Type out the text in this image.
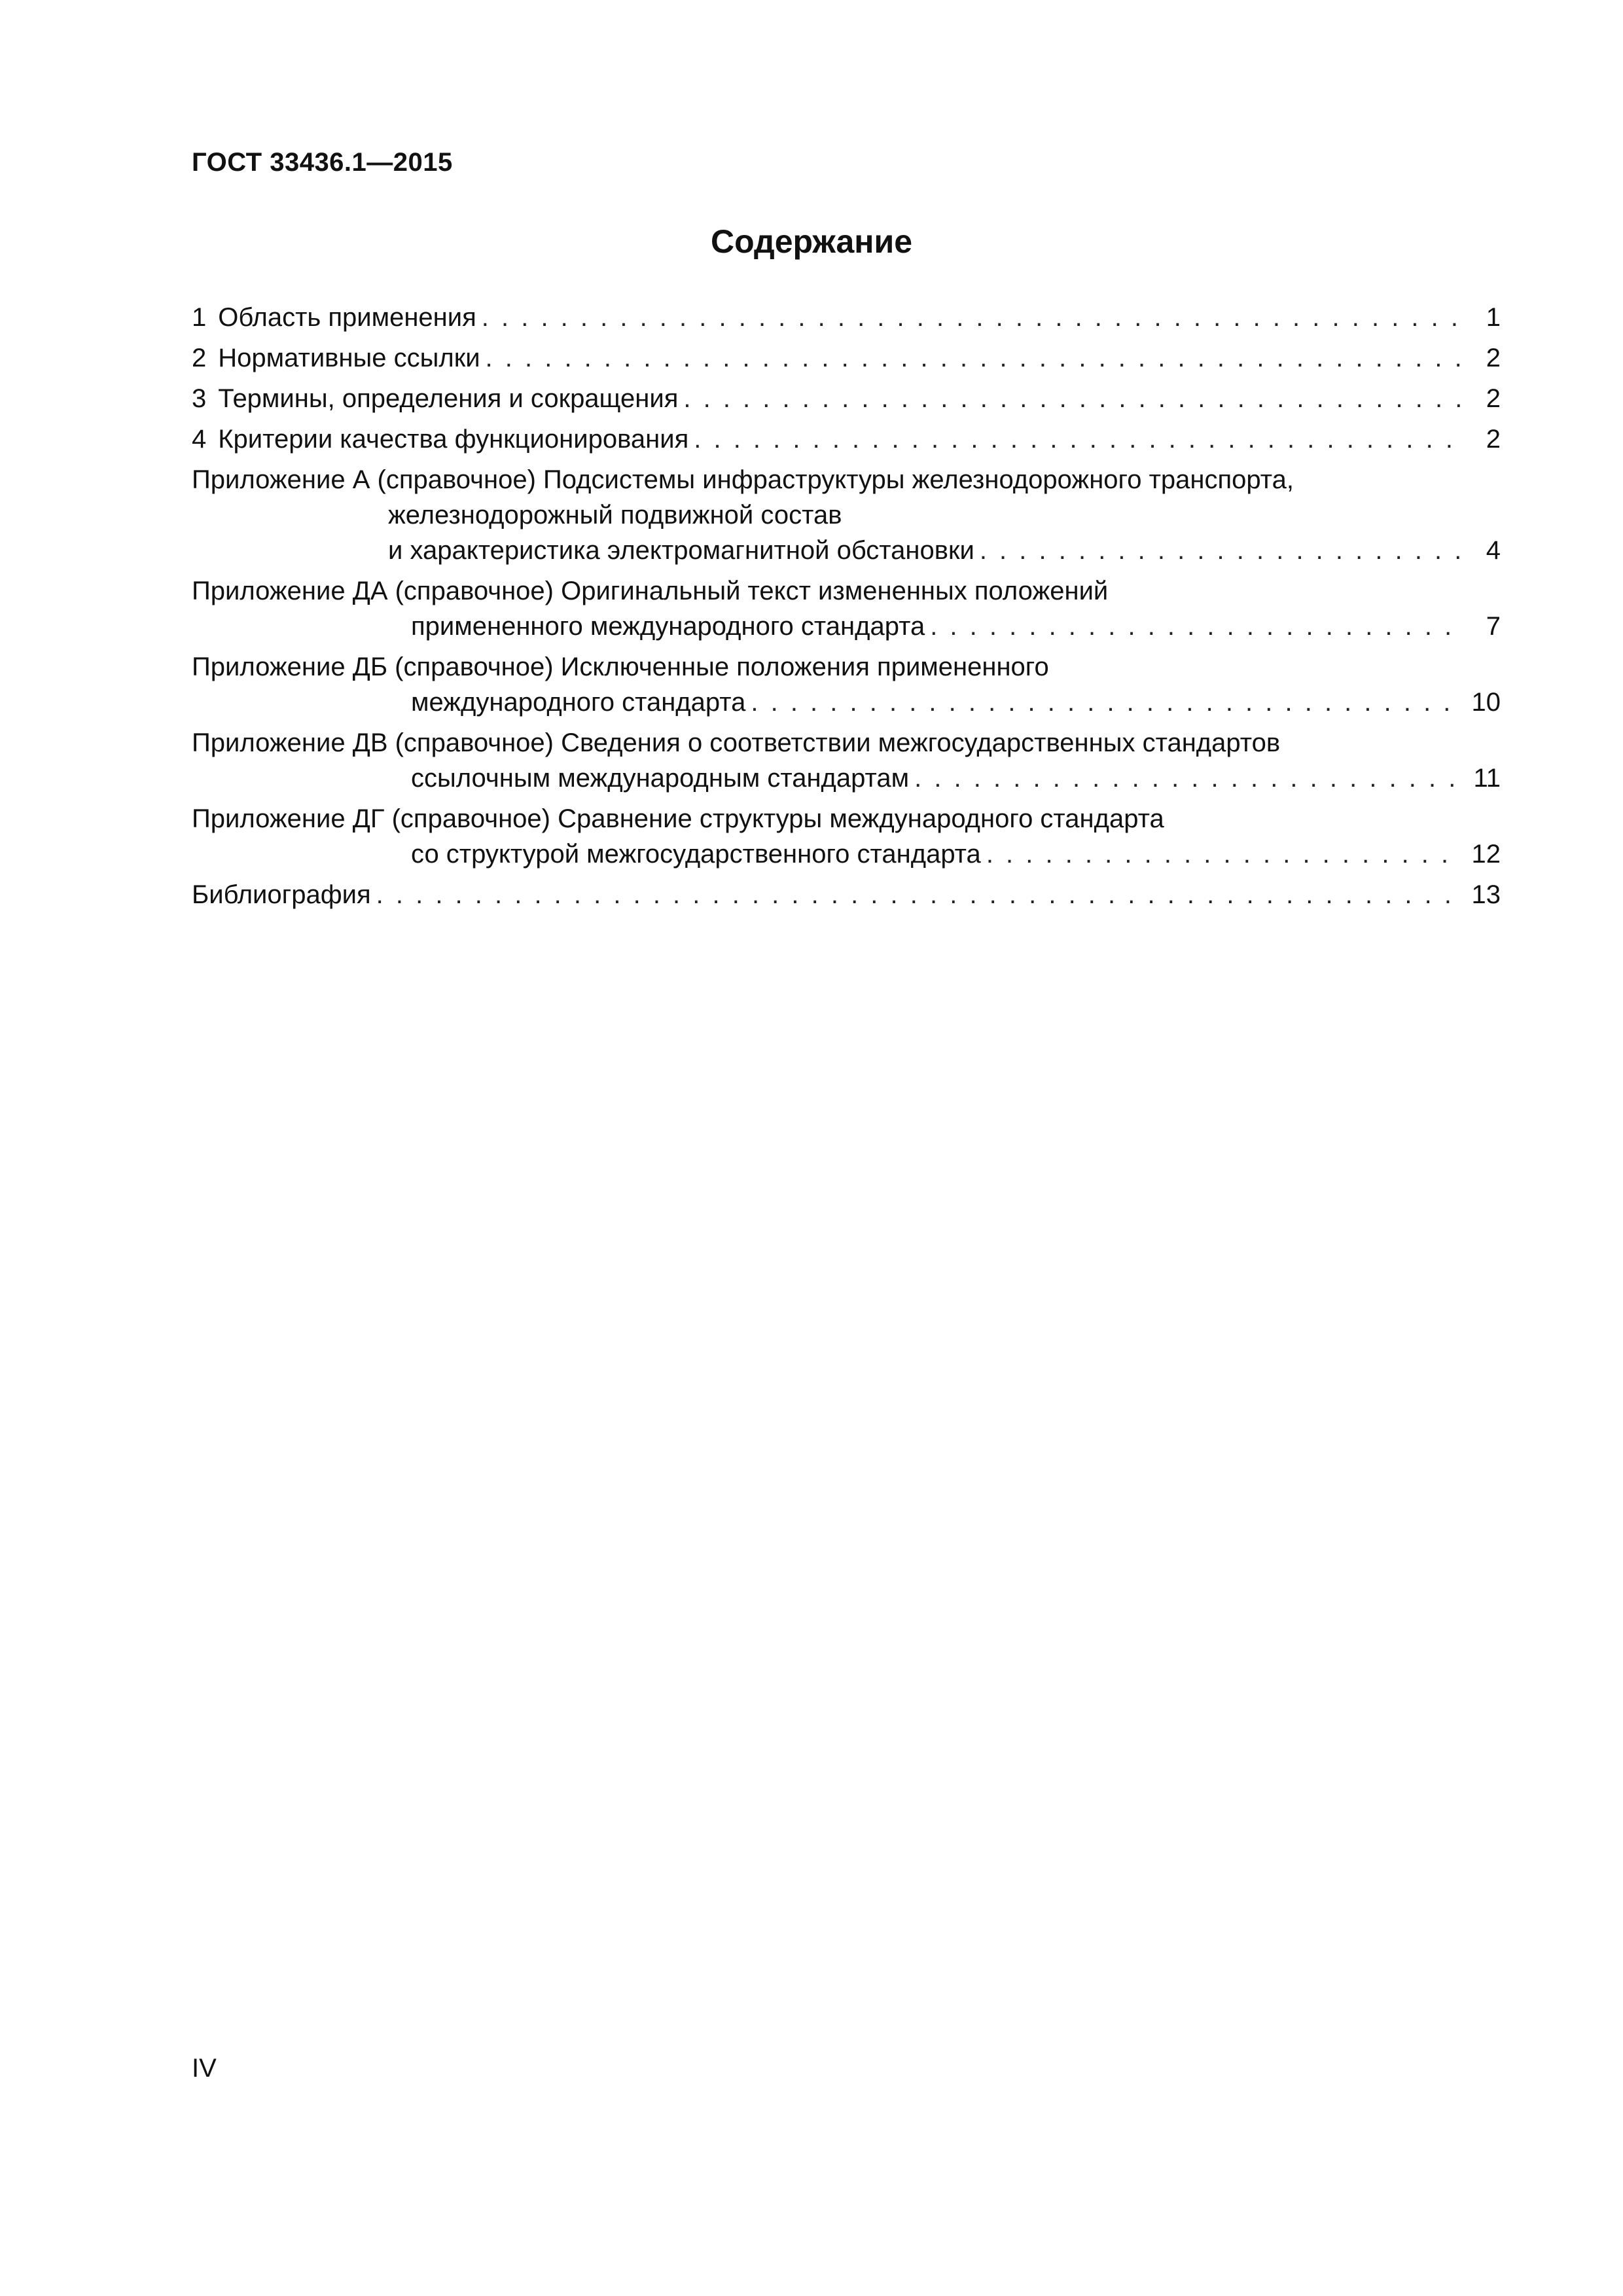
ГОСТ 33436.1—2015
Содержание
1 Область применения . . .	1
2 Нормативные ссылки . . .	2
3 Термины, определения и сокращения . . .	2
4 Критерии качества функционирования . . .	2
Приложение А (справочное) Подсистемы инфраструктуры железнодорожного транспорта,
железнодорожный подвижной состав
и характеристика электромагнитной обстановки . . .	4
Приложение ДА (справочное) Оригинальный текст измененных положений
примененного международного стандарта . . .	7
Приложение ДБ (справочное) Исключенные положения примененного
международного стандарта . . .	10
Приложение ДВ (справочное) Сведения о соответствии межгосударственных стандартов
ссылочным международным стандартам . . .	11
Приложение ДГ (справочное) Сравнение структуры международного стандарта
со структурой межгосударственного стандарта . . .	12
Библиография . . .	13
IV
